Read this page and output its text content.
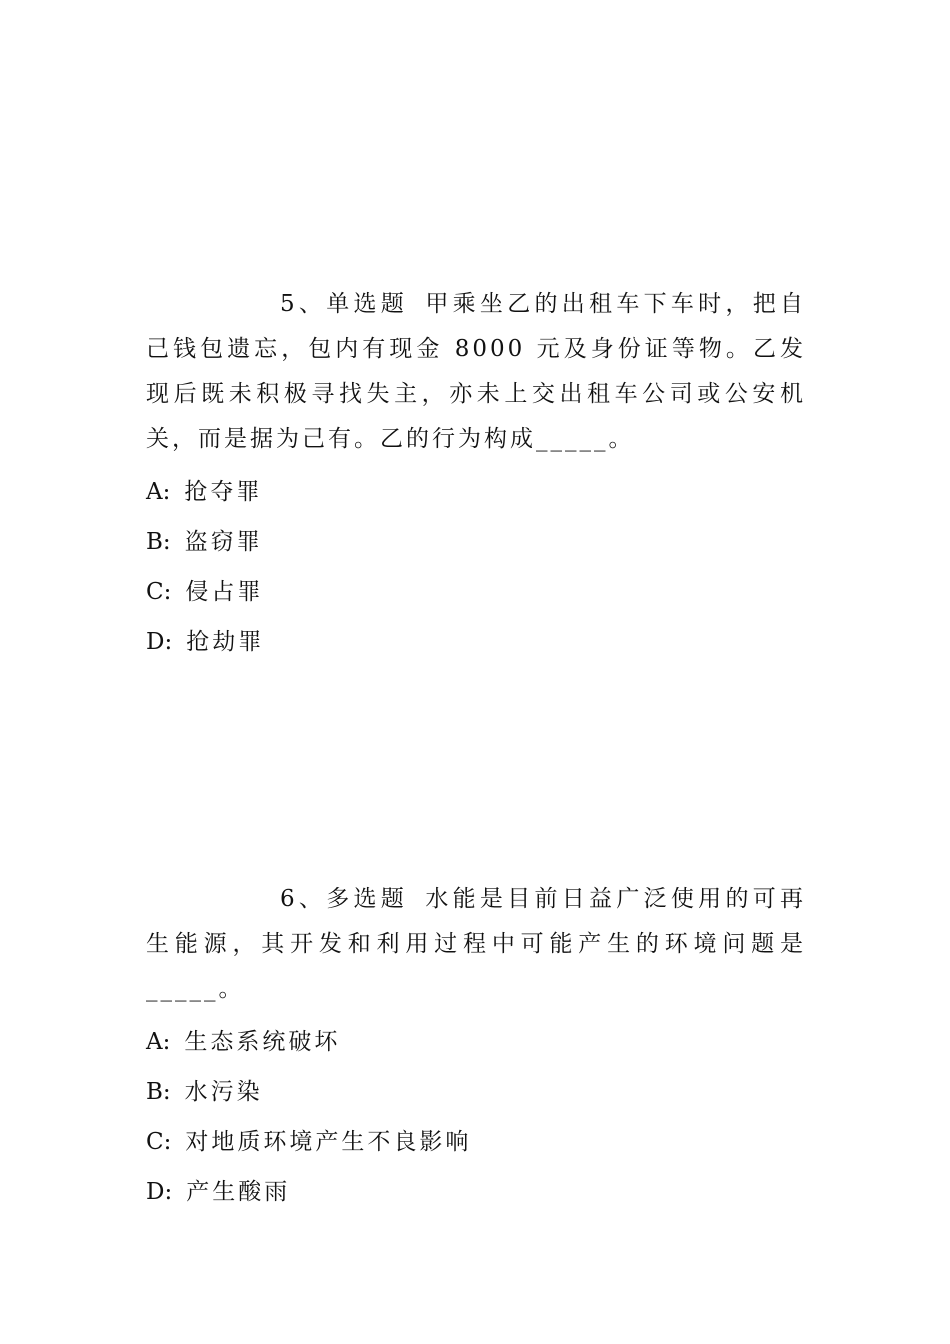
5、单选题 甲乘坐乙的出租车下车时，把自己钱包遗忘，包内有现金 8000 元及身份证等物。乙发现后既未积极寻找失主，亦未上交出租车公司或公安机关，而是据为己有。乙的行为构成_____。

A: 抢夺罪
B: 盗窃罪
C: 侵占罪
D: 抢劫罪

6、多选题 水能是目前日益广泛使用的可再生能源，其开发和利用过程中可能产生的环境问题是_____。

A: 生态系统破坏
B: 水污染
C: 对地质环境产生不良影响
D: 产生酸雨
